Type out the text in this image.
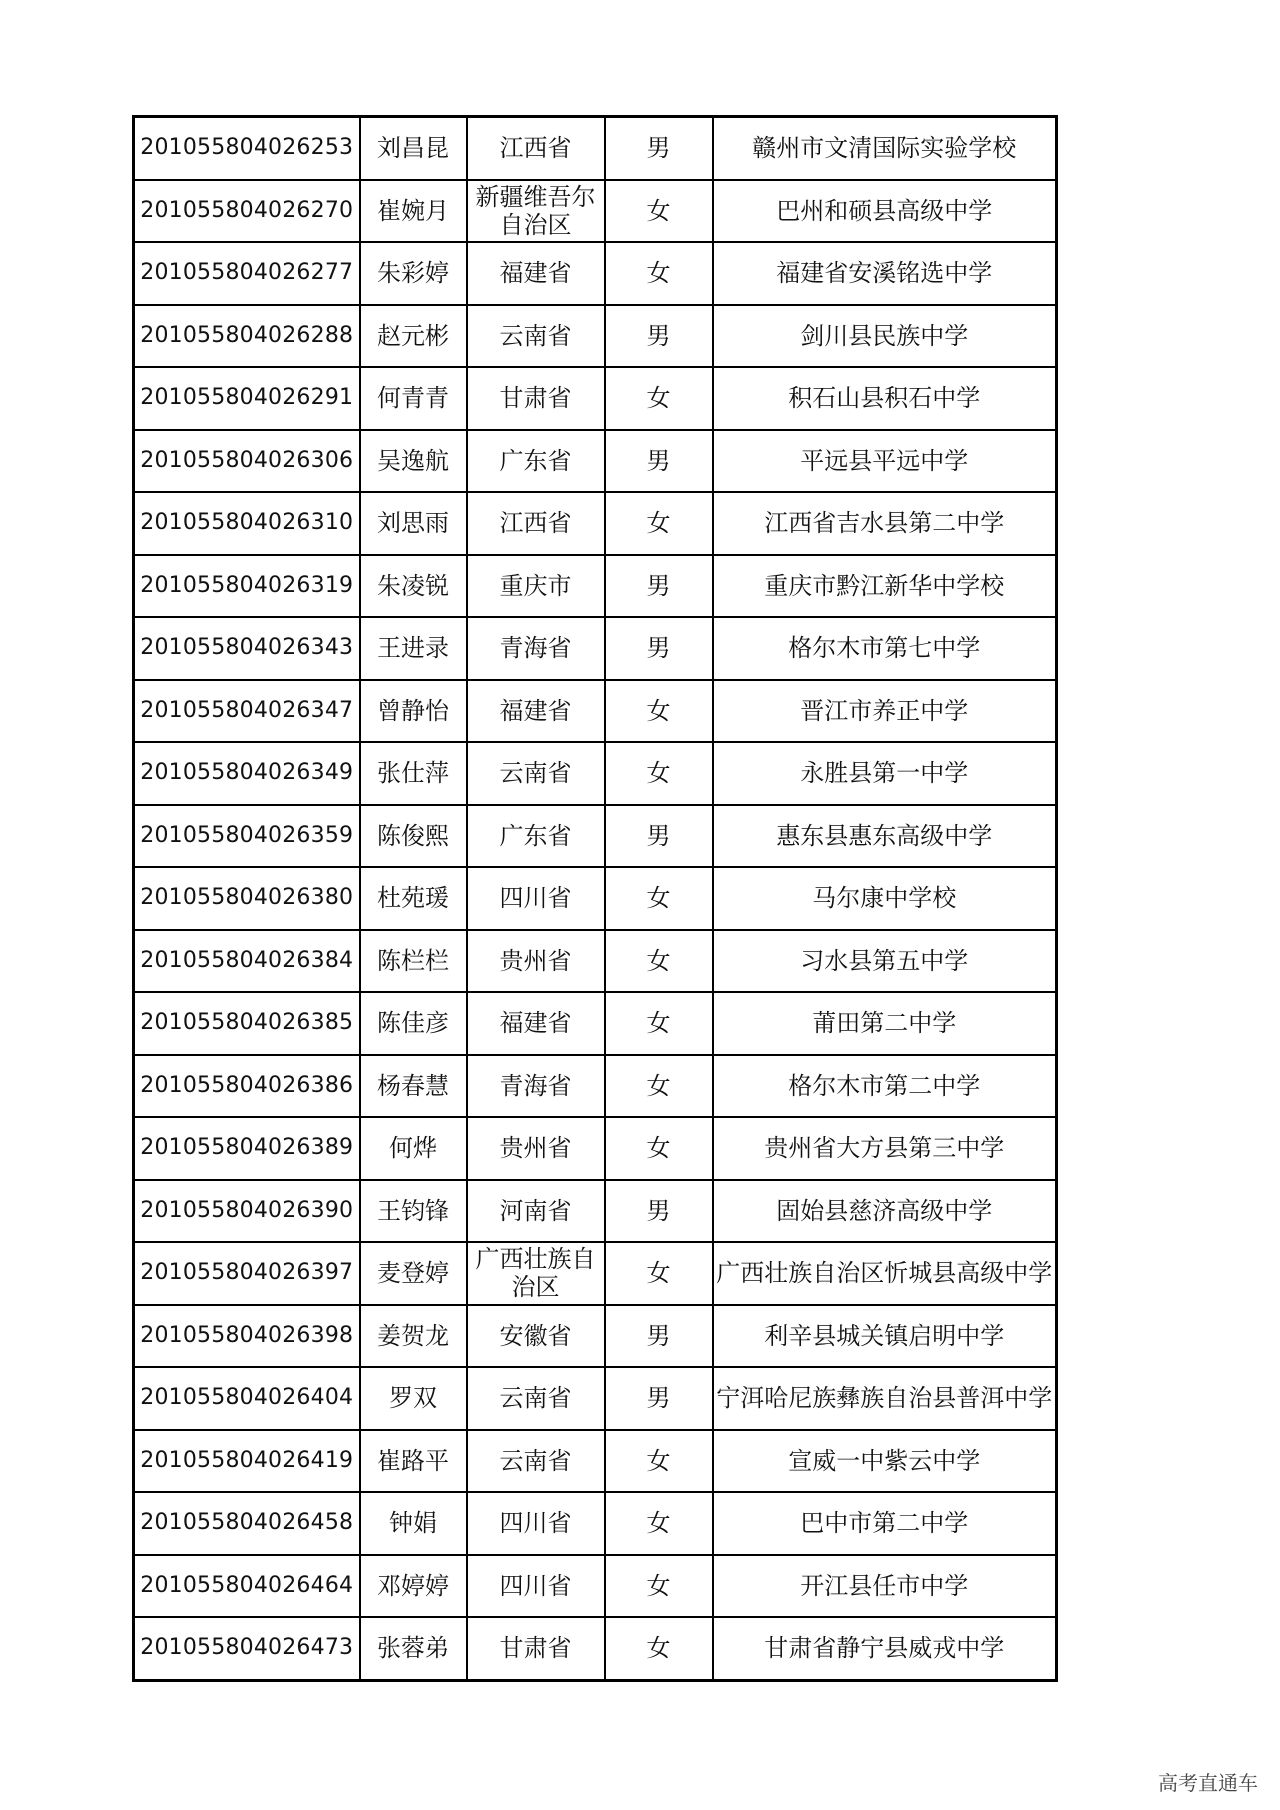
201055804026253	刘昌昆	江西省	男	赣州市文清国际实验学校
201055804026270	崔婉月	新疆维吾尔自治区	女	巴州和硕县高级中学
201055804026277	朱彩婷	福建省	女	福建省安溪铭选中学
201055804026288	赵元彬	云南省	男	剑川县民族中学
201055804026291	何青青	甘肃省	女	积石山县积石中学
201055804026306	吴逸航	广东省	男	平远县平远中学
201055804026310	刘思雨	江西省	女	江西省吉水县第二中学
201055804026319	朱凌锐	重庆市	男	重庆市黔江新华中学校
201055804026343	王进录	青海省	男	格尔木市第七中学
201055804026347	曾静怡	福建省	女	晋江市养正中学
201055804026349	张仕萍	云南省	女	永胜县第一中学
201055804026359	陈俊熙	广东省	男	惠东县惠东高级中学
201055804026380	杜苑瑗	四川省	女	马尔康中学校
201055804026384	陈栏栏	贵州省	女	习水县第五中学
201055804026385	陈佳彦	福建省	女	莆田第二中学
201055804026386	杨春慧	青海省	女	格尔木市第二中学
201055804026389	何烨	贵州省	女	贵州省大方县第三中学
201055804026390	王钧锋	河南省	男	固始县慈济高级中学
201055804026397	麦登婷	广西壮族自治区	女	广西壮族自治区忻城县高级中学
201055804026398	姜贺龙	安徽省	男	利辛县城关镇启明中学
201055804026404	罗双	云南省	男	宁洱哈尼族彝族自治县普洱中学
201055804026419	崔路平	云南省	女	宣威一中紫云中学
201055804026458	钟娟	四川省	女	巴中市第二中学
201055804026464	邓婷婷	四川省	女	开江县任市中学
201055804026473	张蓉弟	甘肃省	女	甘肃省静宁县威戎中学
高考直通车
